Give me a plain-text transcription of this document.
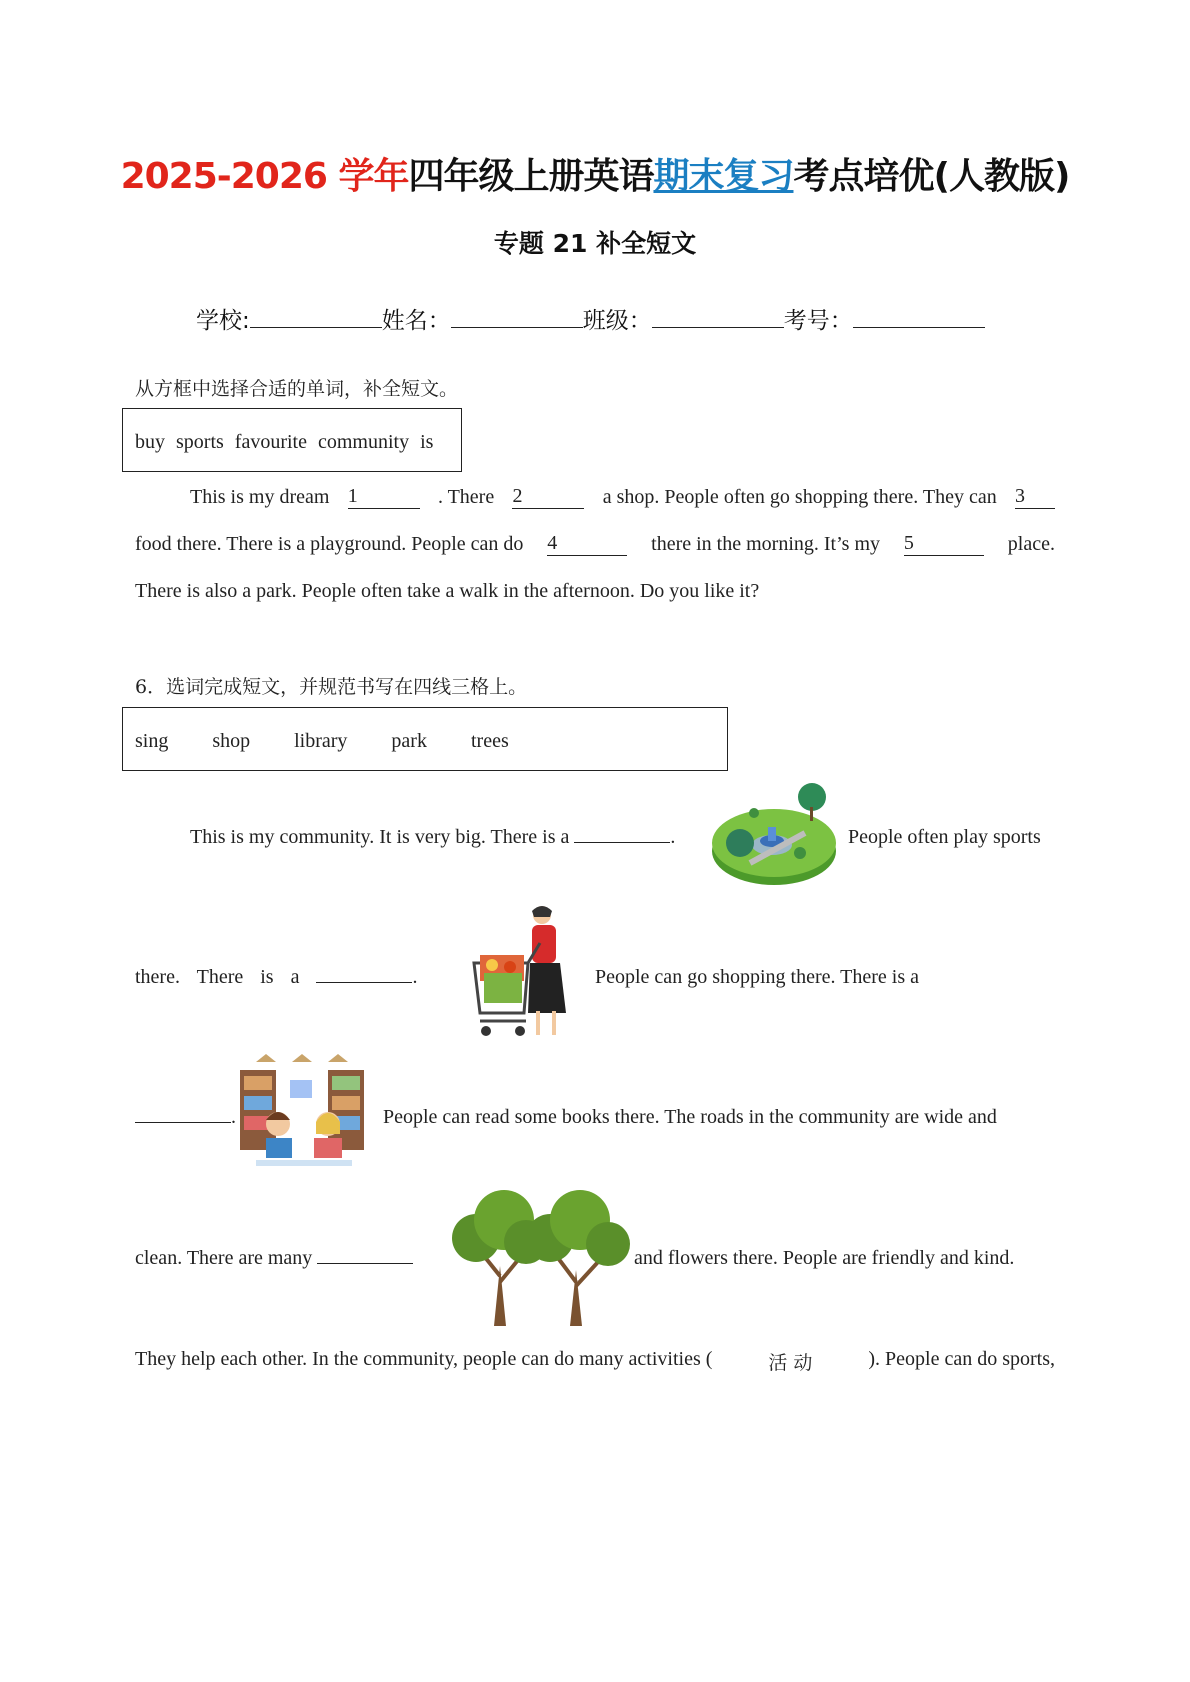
2025-2026 学年四年级上册英语期末复习考点培优(人教版)
专题 21 补全短文
学校:	姓名：	班级：	考号：
从方框中选择合适的单词，补全短文。
buy sports favourite community is
This is my dream 1	. There 2	a shop. People often go shopping there. They can 3
food there. There is a playground. People can do 4	there in the morning. It’s my 5	place.
There is also a park. People often take a walk in the afternoon. Do you like it?
6．选词完成短文，并规范书写在四线三格上。
sing    shop    library    park    trees
This is my community. It is very big. There is a	.	People often play sports
there. There is a	.	People can go shopping there. There is a
.	People can read some books there. The roads in the community are wide and
clean. There are many	and flowers there. People are friendly and kind.
They help each other. In the community, people can do many activities (	活 动	). People can do sports,
